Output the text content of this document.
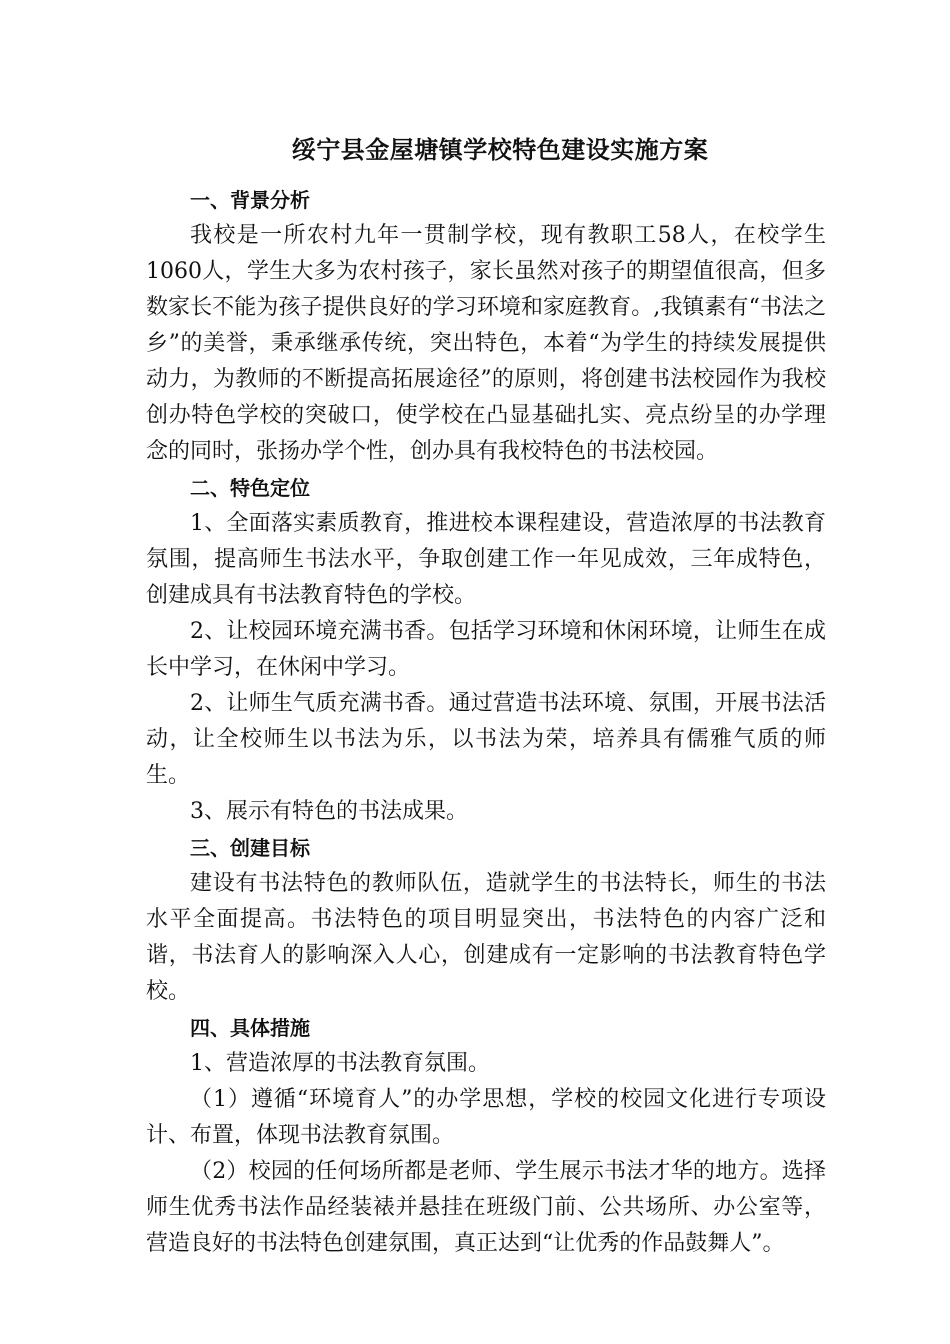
绥宁县金屋塘镇学校特色建设实施方案
一、背景分析

我校是一所农村九年一贯制学校，现有教职工58人，在校学生1060人，学生大多为农村孩子，家长虽然对孩子的期望值很高，但多数家长不能为孩子提供良好的学习环境和家庭教育。,我镇素有“书法之乡”的美誉，秉承继承传统，突出特色，本着“为学生的持续发展提供动力，为教师的不断提高拓展途径”的原则，将创建书法校园作为我校创办特色学校的突破口，使学校在凸显基础扎实、亮点纷呈的办学理念的同时，张扬办学个性，创办具有我校特色的书法校园。

二、特色定位

1、全面落实素质教育，推进校本课程建设，营造浓厚的书法教育氛围，提高师生书法水平，争取创建工作一年见成效，三年成特色，创建成具有书法教育特色的学校。

2、让校园环境充满书香。包括学习环境和休闲环境，让师生在成长中学习，在休闲中学习。

2、让师生气质充满书香。通过营造书法环境、氛围，开展书法活动，让全校师生以书法为乐，以书法为荣，培养具有儒雅气质的师生。

3、展示有特色的书法成果。

三、创建目标

建设有书法特色的教师队伍，造就学生的书法特长，师生的书法水平全面提高。书法特色的项目明显突出，书法特色的内容广泛和谐，书法育人的影响深入人心，创建成有一定影响的书法教育特色学校。

四、具体措施

1、营造浓厚的书法教育氛围。

（1）遵循“环境育人”的办学思想，学校的校园文化进行专项设计、布置，体现书法教育氛围。

（2）校园的任何场所都是老师、学生展示书法才华的地方。选择师生优秀书法作品经装裱并悬挂在班级门前、公共场所、办公室等，营造良好的书法特色创建氛围，真正达到“让优秀的作品鼓舞人”。
